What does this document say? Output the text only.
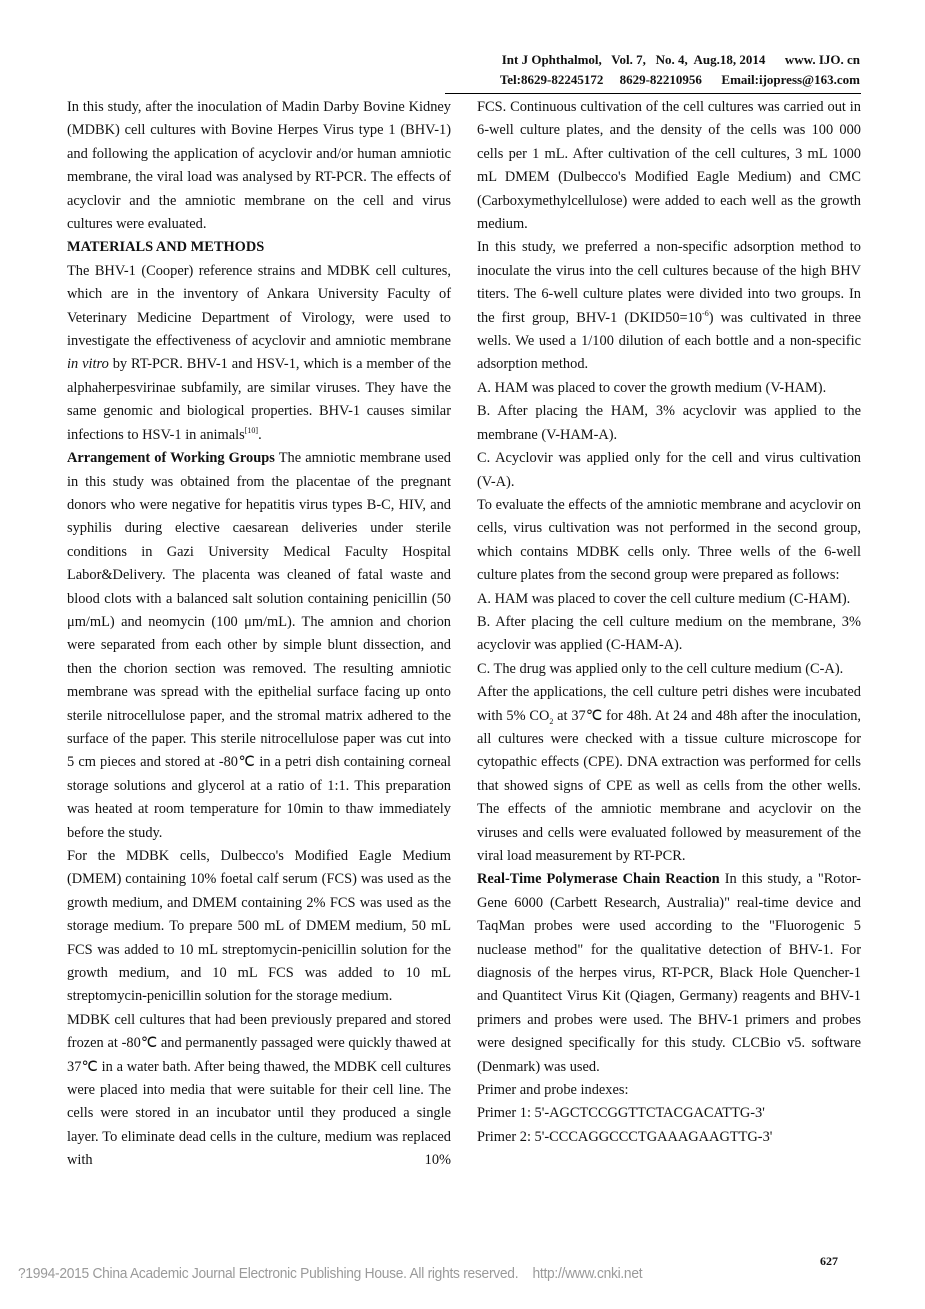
Int J Ophthalmol,   Vol. 7,   No. 4,  Aug.18, 2014      www. IJO. cn
Tel:8629-82245172     8629-82210956      Email:ijopress@163.com

In this study, after the inoculation of Madin Darby Bovine Kidney (MDBK) cell cultures with Bovine Herpes Virus type 1 (BHV-1) and following the application of acyclovir and/or human amniotic membrane, the viral load was analysed by RT-PCR. The effects of acyclovir and the amniotic membrane on the cell and virus cultures were evaluated.

MATERIALS AND METHODS

The BHV-1 (Cooper) reference strains and MDBK cell cultures, which are in the inventory of Ankara University Faculty of Veterinary Medicine Department of Virology, were used to investigate the effectiveness of acyclovir and amniotic membrane in vitro by RT-PCR. BHV-1 and HSV-1, which is a member of the alphaherpesvirinae subfamily, are similar viruses. They have the same genomic and biological properties. BHV-1 causes similar infections to HSV-1 in animals[10].

Arrangement of Working Groups The amniotic membrane used in this study was obtained from the placentae of the pregnant donors who were negative for hepatitis virus types B-C, HIV, and syphilis during elective caesarean deliveries under sterile conditions in Gazi University Medical Faculty Hospital Labor&Delivery. The placenta was cleaned of fatal waste and blood clots with a balanced salt solution containing penicillin (50 μm/mL) and neomycin (100 μm/mL). The amnion and chorion were separated from each other by simple blunt dissection, and then the chorion section was removed. The resulting amniotic membrane was spread with the epithelial surface facing up onto sterile nitrocellulose paper, and the stromal matrix adhered to the surface of the paper. This sterile nitrocellulose paper was cut into 5 cm pieces and stored at -80℃ in a petri dish containing corneal storage solutions and glycerol at a ratio of 1:1. This preparation was heated at room temperature for 10min to thaw immediately before the study.

For the MDBK cells, Dulbecco's Modified Eagle Medium (DMEM) containing 10% foetal calf serum (FCS) was used as the growth medium, and DMEM containing 2% FCS was used as the storage medium. To prepare 500 mL of DMEM medium, 50 mL FCS was added to 10 mL streptomycin-penicillin solution for the growth medium, and 10 mL FCS was added to 10 mL streptomycin-penicillin solution for the storage medium.

MDBK cell cultures that had been previously prepared and stored frozen at -80℃ and permanently passaged were quickly thawed at 37℃ in a water bath. After being thawed, the MDBK cell cultures were placed into media that were suitable for their cell line. The cells were stored in an incubator until they produced a single layer. To eliminate dead cells in the culture, medium was replaced with 10%

FCS. Continuous cultivation of the cell cultures was carried out in 6-well culture plates, and the density of the cells was 100 000 cells per 1 mL. After cultivation of the cell cultures, 3 mL 1000 mL DMEM (Dulbecco's Modified Eagle Medium) and CMC (Carboxymethylcellulose) were added to each well as the growth medium.

In this study, we preferred a non-specific adsorption method to inoculate the virus into the cell cultures because of the high BHV titers. The 6-well culture plates were divided into two groups. In the first group, BHV-1 $(DKID50=10^{-6})$ was cultivated in three wells. We used a 1/100 dilution of each bottle and a non-specific adsorption method.

A. HAM was placed to cover the growth medium (V-HAM).

B. After placing the HAM, 3% acyclovir was applied to the membrane (V-HAM-A).

C. Acyclovir was applied only for the cell and virus cultivation (V-A).

To evaluate the effects of the amniotic membrane and acyclovir on cells, virus cultivation was not performed in the second group, which contains MDBK cells only. Three wells of the 6-well culture plates from the second group were prepared as follows:

A. HAM was placed to cover the cell culture medium (C-HAM).

B. After placing the cell culture medium on the membrane, 3% acyclovir was applied (C-HAM-A).

C. The drug was applied only to the cell culture medium (C-A).

After the applications, the cell culture petri dishes were incubated with 5% $CO_2$ at 37℃ for 48h. At 24 and 48h after the inoculation, all cultures were checked with a tissue culture microscope for cytopathic effects (CPE). DNA extraction was performed for cells that showed signs of CPE as well as cells from the other wells. The effects of the amniotic membrane and acyclovir on the viruses and cells were evaluated followed by measurement of the viral load measurement by RT-PCR.

Real-Time Polymerase Chain Reaction In this study, a "Rotor-Gene 6000 (Carbett Research, Australia)" real-time device and TaqMan probes were used according to the "Fluorogenic 5 nuclease method" for the qualitative detection of BHV-1. For diagnosis of the herpes virus, RT-PCR, Black Hole Quencher-1 and Quantitect Virus Kit (Qiagen, Germany) reagents and BHV-1 primers and probes were used. The BHV-1 primers and probes were designed specifically for this study. CLCBio v5. software (Denmark) was used.

Primer and probe indexes:

Primer 1: 5'-AGCTCCGGTTCTACGACATTG-3'

Primer 2: 5'-CCCAGGCCCTGAAAGAAGTTG-3'

627
?1994-2015 China Academic Journal Electronic Publishing House. All rights reserved.    http://www.cnki.net
